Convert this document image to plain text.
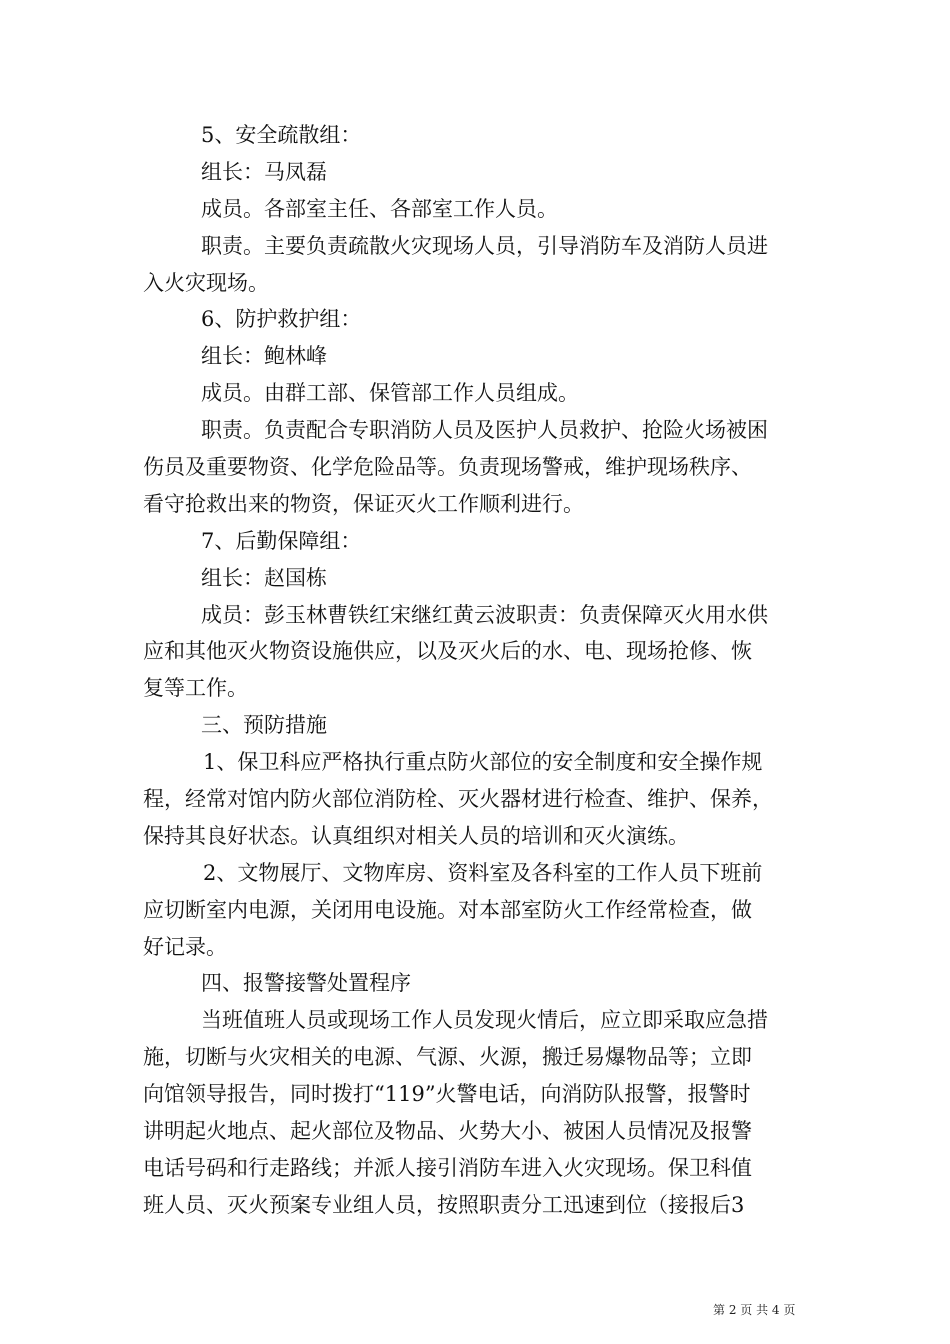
5、安全疏散组：
组长：马凤磊
成员。各部室主任、各部室工作人员。
职责。主要负责疏散火灾现场人员，引导消防车及消防人员进
入火灾现场。
6、防护救护组：
组长：鲍林峰
成员。由群工部、保管部工作人员组成。
职责。负责配合专职消防人员及医护人员救护、抢险火场被困
伤员及重要物资、化学危险品等。负责现场警戒，维护现场秩序、
看守抢救出来的物资，保证灭火工作顺利进行。
7、后勤保障组：
组长：赵国栋
成员：彭玉林曹铁红宋继红黄云波职责：负责保障灭火用水供
应和其他灭火物资设施供应，以及灭火后的水、电、现场抢修、恢
复等工作。
三、预防措施
1、保卫科应严格执行重点防火部位的安全制度和安全操作规
程，经常对馆内防火部位消防栓、灭火器材进行检查、维护、保养，
保持其良好状态。认真组织对相关人员的培训和灭火演练。
2、文物展厅、文物库房、资料室及各科室的工作人员下班前
应切断室内电源，关闭用电设施。对本部室防火工作经常检查，做
好记录。
四、报警接警处置程序
当班值班人员或现场工作人员发现火情后，应立即采取应急措
施，切断与火灾相关的电源、气源、火源，搬迁易爆物品等；立即
向馆领导报告，同时拨打“119”火警电话，向消防队报警，报警时
讲明起火地点、起火部位及物品、火势大小、被困人员情况及报警
电话号码和行走路线；并派人接引消防车进入火灾现场。保卫科值
班人员、灭火预案专业组人员，按照职责分工迅速到位（接报后3
第 2 页 共 4 页
